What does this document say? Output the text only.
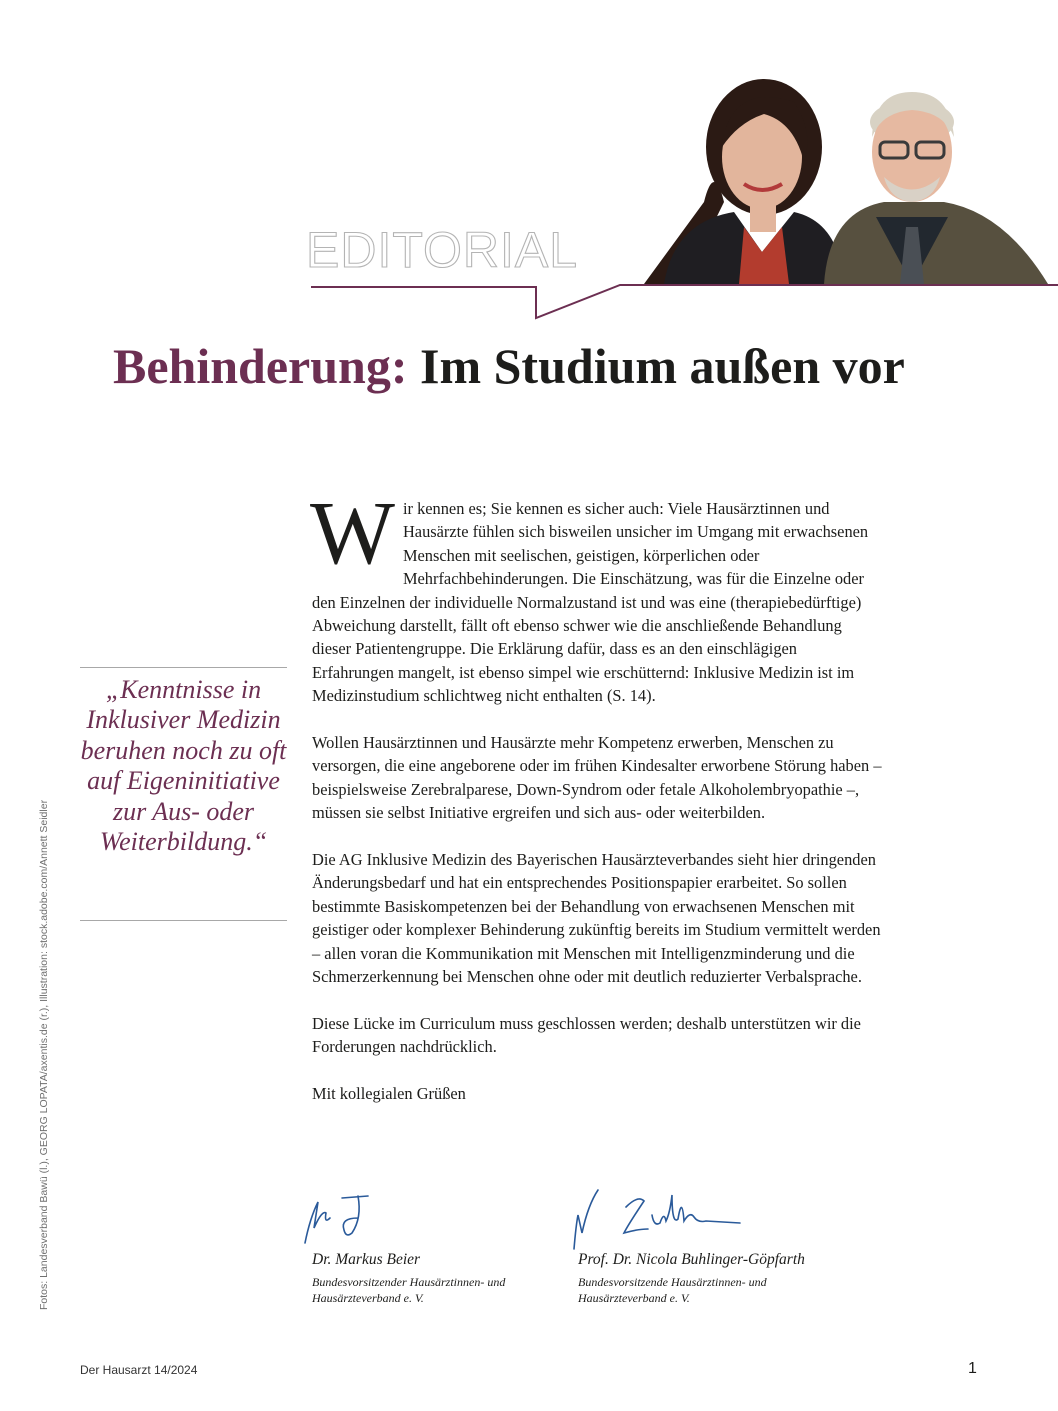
EDITORIAL
Behinderung: Im Studium außen vor

Wir kennen es; Sie kennen es sicher auch: Viele Hausärztinnen und Hausärzte fühlen sich bisweilen unsicher im Umgang mit erwachsenen Menschen mit seelischen, geistigen, körperlichen oder Mehrfachbehinderungen. Die Einschätzung, was für die Einzelne oder den Einzelnen der individuelle Normalzustand ist und was eine (therapiebedürftige) Abweichung darstellt, fällt oft ebenso schwer wie die anschließende Behandlung dieser Patientengruppe. Die Erklärung dafür, dass es an den einschlägigen Erfahrungen mangelt, ist ebenso simpel wie erschütternd: Inklusive Medizin ist im Medizinstudium schlichtweg nicht enthalten (S. 14).

Wollen Hausärztinnen und Hausärzte mehr Kompetenz erwerben, Menschen zu versorgen, die eine angeborene oder im frühen Kindesalter erworbene Störung haben – beispielsweise Zerebralparese, Down-Syndrom oder fetale Alkoholembryopathie –, müssen sie selbst Initiative ergreifen und sich aus- oder weiterbilden.

Die AG Inklusive Medizin des Bayerischen Hausärzteverbandes sieht hier dringenden Änderungsbedarf und hat ein entsprechendes Positionspapier erarbeitet. So sollen bestimmte Basiskompetenzen bei der Behandlung von erwachsenen Menschen mit geistiger oder komplexer Behinderung zukünftig bereits im Studium vermittelt werden – allen voran die Kommunikation mit Menschen mit Intelligenzminderung und die Schmerzerkennung bei Menschen ohne oder mit deutlich reduzierter Verbalsprache.

Diese Lücke im Curriculum muss geschlossen werden; deshalb unterstützen wir die Forderungen nachdrücklich.

Mit kollegialen Grüßen

„Kenntnisse in Inklusiver Medizin beruhen noch zu oft auf Eigeninitiative zur Aus- oder Weiterbildung.“
Fotos: Landesverband Bawü (l.), GEORG LOPATA/axentis.de (r.), Illustration: stock.adobe.com/Annett Seidler	Dr. Markus Beier
Bundesvorsitzender Hausärztinnen- und Hausärzteverband e. V.
Prof. Dr. Nicola Buhlinger-Göpfarth
Bundesvorsitzende Hausärztinnen- und Hausärzteverband e. V.
Der Hausarzt 14/2024	1
